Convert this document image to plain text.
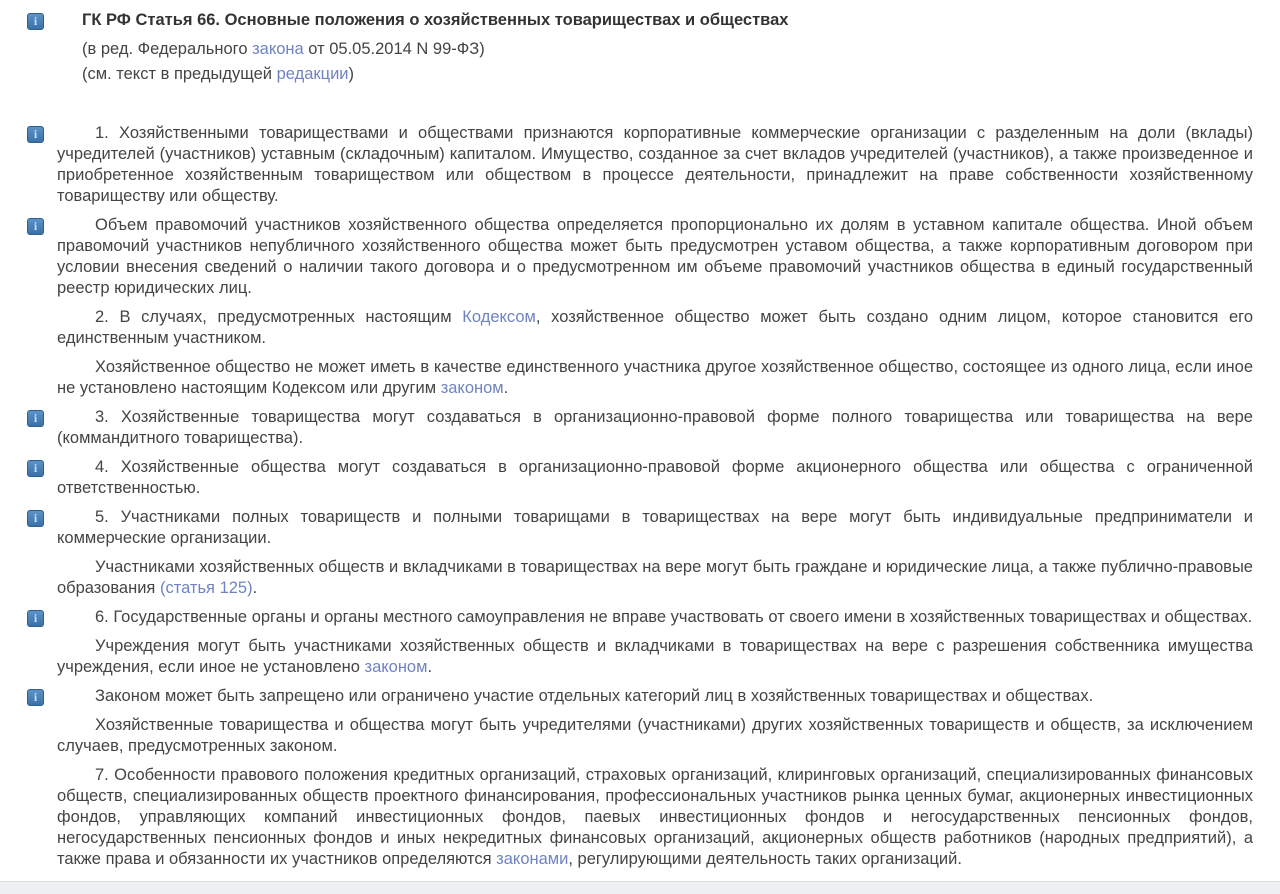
i	ГК РФ Статья 66. Основные положения о хозяйственных товариществах и обществах
(в ред. Федерального закона от 05.05.2014 N 99-ФЗ)
(см. текст в предыдущей редакции)
i	1. Хозяйственными товариществами и обществами признаются корпоративные коммерческие организации с разделенным на доли (вклады) учредителей (участников) уставным (складочным) капиталом. Имущество, созданное за счет вкладов учредителей (участников), а также произведенное и приобретенное хозяйственным товариществом или обществом в процессе деятельности, принадлежит на праве собственности хозяйственному товариществу или обществу.
i	Объем правомочий участников хозяйственного общества определяется пропорционально их долям в уставном капитале общества. Иной объем правомочий участников непубличного хозяйственного общества может быть предусмотрен уставом общества, а также корпоративным договором при условии внесения сведений о наличии такого договора и о предусмотренном им объеме правомочий участников общества в единый государственный реестр юридических лиц.
2. В случаях, предусмотренных настоящим Кодексом, хозяйственное общество может быть создано одним лицом, которое становится его единственным участником.
Хозяйственное общество не может иметь в качестве единственного участника другое хозяйственное общество, состоящее из одного лица, если иное не установлено настоящим Кодексом или другим законом.
i	3. Хозяйственные товарищества могут создаваться в организационно-правовой форме полного товарищества или товарищества на вере (коммандитного товарищества).
i	4. Хозяйственные общества могут создаваться в организационно-правовой форме акционерного общества или общества с ограниченной ответственностью.
i	5. Участниками полных товариществ и полными товарищами в товариществах на вере могут быть индивидуальные предприниматели и коммерческие организации.
Участниками хозяйственных обществ и вкладчиками в товариществах на вере могут быть граждане и юридические лица, а также публично-правовые образования (статья 125).
i	6. Государственные органы и органы местного самоуправления не вправе участвовать от своего имени в хозяйственных товариществах и обществах.
Учреждения могут быть участниками хозяйственных обществ и вкладчиками в товариществах на вере с разрешения собственника имущества учреждения, если иное не установлено законом.
i	Законом может быть запрещено или ограничено участие отдельных категорий лиц в хозяйственных товариществах и обществах.
Хозяйственные товарищества и общества могут быть учредителями (участниками) других хозяйственных товариществ и обществ, за исключением случаев, предусмотренных законом.
7. Особенности правового положения кредитных организаций, страховых организаций, клиринговых организаций, специализированных финансовых обществ, специализированных обществ проектного финансирования, профессиональных участников рынка ценных бумаг, акционерных инвестиционных фондов, управляющих компаний инвестиционных фондов, паевых инвестиционных фондов и негосударственных пенсионных фондов, негосударственных пенсионных фондов и иных некредитных финансовых организаций, акционерных обществ работников (народных предприятий), а также права и обязанности их участников определяются законами, регулирующими деятельность таких организаций.
